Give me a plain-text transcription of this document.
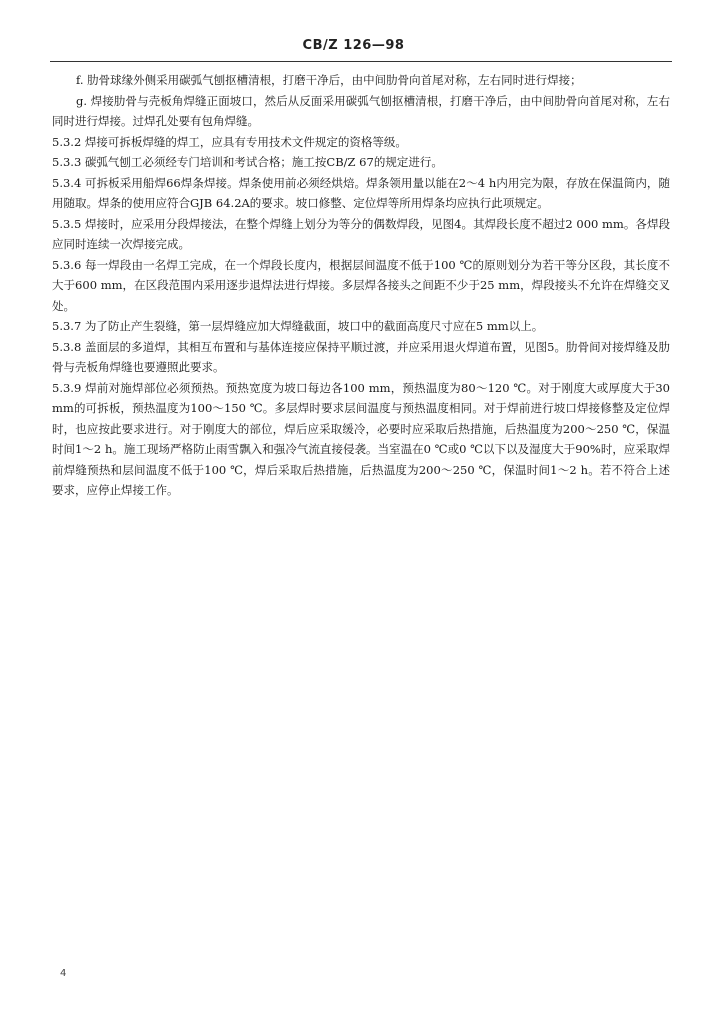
CB/Z 126—98

f. 肋骨球缘外侧采用碳弧气刨抠槽清根，打磨干净后，由中间肋骨向首尾对称，左右同时进行焊接；

g. 焊接肋骨与壳板角焊缝正面坡口，然后从反面采用碳弧气刨抠槽清根，打磨干净后，由中间肋骨向首尾对称，左右同时进行焊接。过焊孔处要有包角焊缝。

5.3.2 焊接可拆板焊缝的焊工，应具有专用技术文件规定的资格等级。

5.3.3 碳弧气刨工必须经专门培训和考试合格；施工按CB/Z 67的规定进行。

5.3.4 可拆板采用船焊66焊条焊接。焊条使用前必须经烘焙。焊条领用量以能在2～4 h内用完为限，存放在保温筒内，随用随取。焊条的使用应符合GJB 64.2A的要求。坡口修整、定位焊等所用焊条均应执行此项规定。

5.3.5 焊接时，应采用分段焊接法，在整个焊缝上划分为等分的偶数焊段，见图4。其焊段长度不超过2 000 mm。各焊段应同时连续一次焊接完成。

5.3.6 每一焊段由一名焊工完成，在一个焊段长度内，根据层间温度不低于100 ℃的原则划分为若干等分区段，其长度不大于600 mm，在区段范围内采用逐步退焊法进行焊接。多层焊各接头之间距不少于25 mm，焊段接头不允许在焊缝交叉处。

5.3.7 为了防止产生裂缝，第一层焊缝应加大焊缝截面，坡口中的截面高度尺寸应在5 mm以上。

5.3.8 盖面层的多道焊，其相互布置和与基体连接应保持平顺过渡，并应采用退火焊道布置，见图5。肋骨间对接焊缝及肋骨与壳板角焊缝也要遵照此要求。

5.3.9 焊前对施焊部位必须预热。预热宽度为坡口每边各100 mm，预热温度为80～120 ℃。对于刚度大或厚度大于30 mm的可拆板，预热温度为100～150 ℃。多层焊时要求层间温度与预热温度相同。对于焊前进行坡口焊接修整及定位焊时，也应按此要求进行。对于刚度大的部位，焊后应采取缓冷，必要时应采取后热措施，后热温度为200～250 ℃，保温时间1～2 h。施工现场严格防止雨雪飘入和强冷气流直接侵袭。当室温在0 ℃或0 ℃以下以及湿度大于90%时，应采取焊前焊缝预热和层间温度不低于100 ℃，焊后采取后热措施，后热温度为200～250 ℃，保温时间1～2 h。若不符合上述要求，应停止焊接工作。

4
